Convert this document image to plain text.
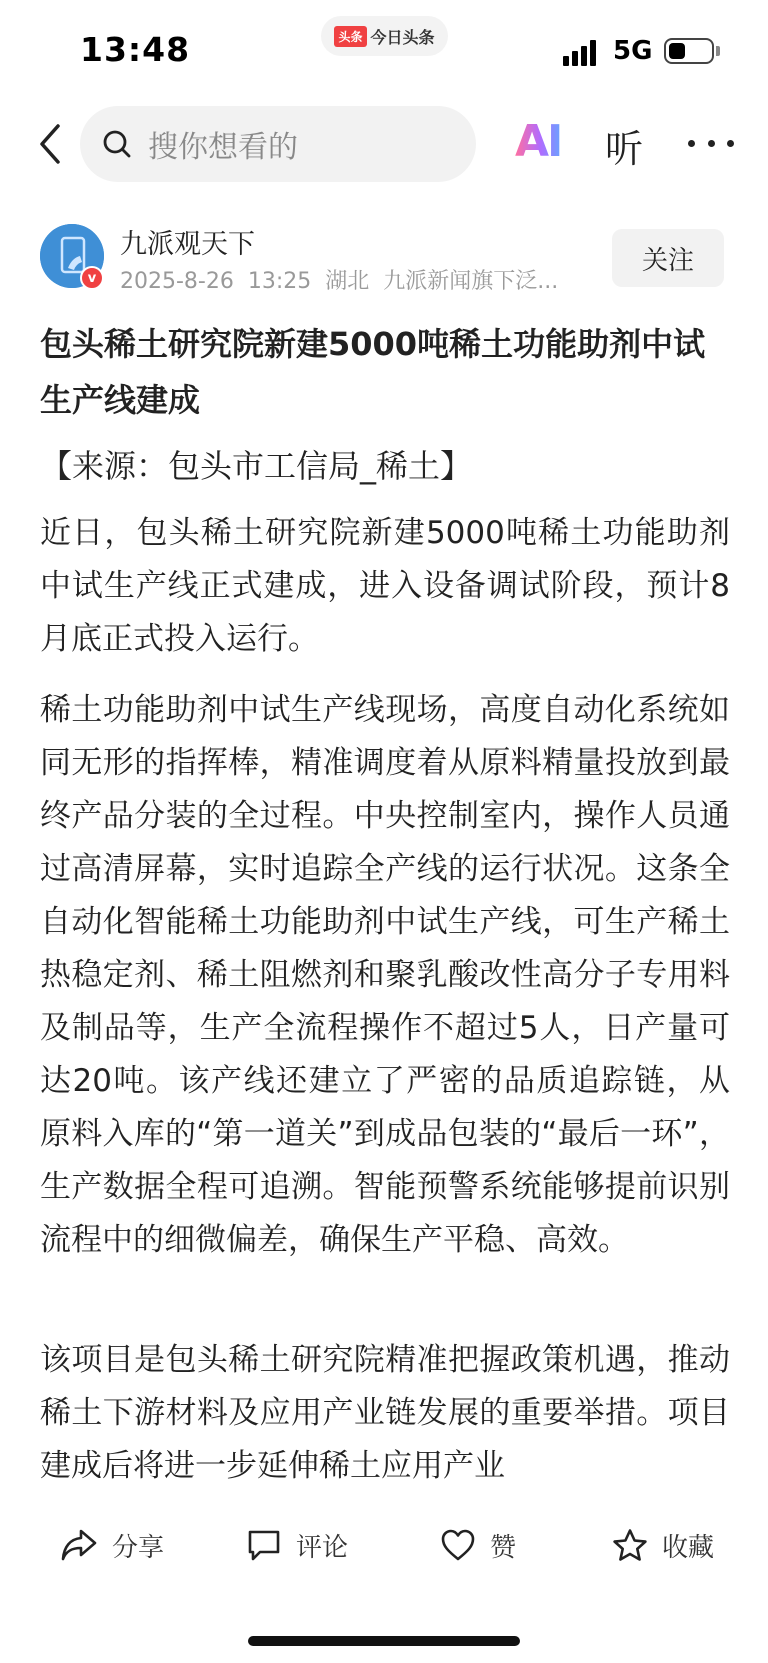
13:48	头条 今日头条	5G
搜你想看的	AI 听
v
九派观天下
2025-8-26 13:25 湖北 九派新闻旗下泛...
关注
包头稀土研究院新建5000吨稀土功能助剂中试生产线建成
【来源：包头市工信局_稀土】
近日，包头稀土研究院新建5000吨稀土功能助剂中试生产线正式建成，进入设备调试阶段，预计8月底正式投入运行。
稀土功能助剂中试生产线现场，高度自动化系统如同无形的指挥棒，精准调度着从原料精量投放到最终产品分装的全过程。中央控制室内，操作人员通过高清屏幕，实时追踪全产线的运行状况。这条全自动化智能稀土功能助剂中试生产线，可生产稀土热稳定剂、稀土阻燃剂和聚乳酸改性高分子专用料及制品等，生产全流程操作不超过5人，日产量可达20吨。该产线还建立了严密的品质追踪链，从原料入库的“第一道关”到成品包装的“最后一环”，生产数据全程可追溯。智能预警系统能够提前识别流程中的细微偏差，确保生产平稳、高效。
该项目是包头稀土研究院精准把握政策机遇，推动稀土下游材料及应用产业链发展的重要举措。项目建成后将进一步延伸稀土应用产业
分享	评论	赞	收藏
